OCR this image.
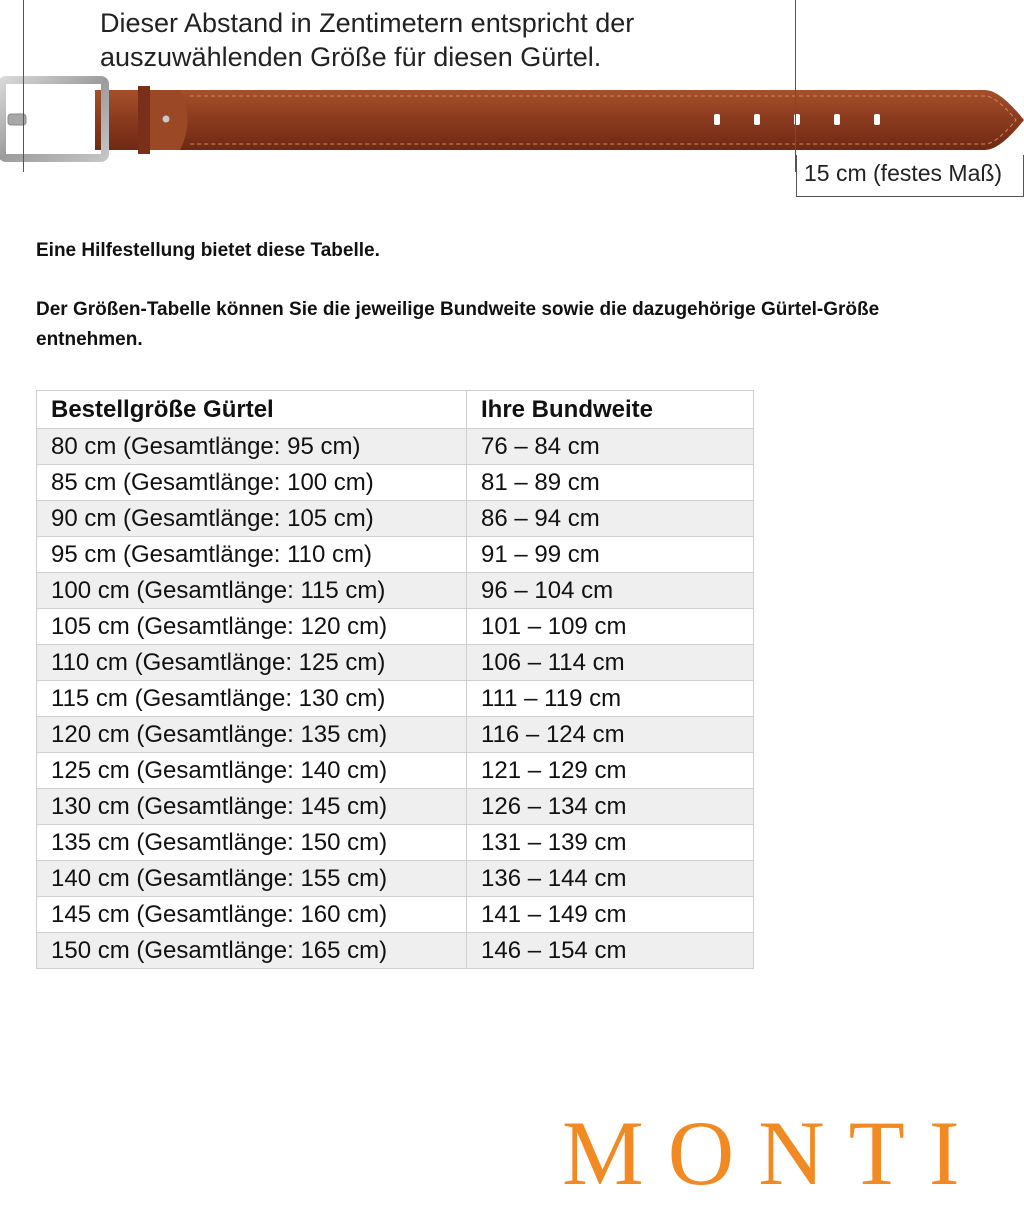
Dieser Abstand in Zentimetern entspricht der auszuwählenden Größe für diesen Gürtel.
15 cm (festes Maß)

Eine Hilfestellung bietet diese Tabelle.

Der Größen-Tabelle können Sie die jeweilige Bundweite sowie die dazugehörige Gürtel-Größe entnehmen.

Bestellgröße Gürtel	Ihre Bundweite
80 cm (Gesamtlänge: 95 cm)	76 – 84 cm
85 cm (Gesamtlänge: 100 cm)	81 – 89 cm
90 cm (Gesamtlänge: 105 cm)	86 – 94 cm
95 cm (Gesamtlänge: 110 cm)	91 – 99 cm
100 cm (Gesamtlänge: 115 cm)	96 – 104 cm
105 cm (Gesamtlänge: 120 cm)	101 – 109 cm
110 cm (Gesamtlänge: 125 cm)	106 – 114 cm
115 cm (Gesamtlänge: 130 cm)	111 – 119 cm
120 cm (Gesamtlänge: 135 cm)	116 – 124 cm
125 cm (Gesamtlänge: 140 cm)	121 – 129 cm
130 cm (Gesamtlänge: 145 cm)	126 – 134 cm
135 cm (Gesamtlänge: 150 cm)	131 – 139 cm
140 cm (Gesamtlänge: 155 cm)	136 – 144 cm
145 cm (Gesamtlänge: 160 cm)	141 – 149 cm
150 cm (Gesamtlänge: 165 cm)	146 – 154 cm
MONTI
